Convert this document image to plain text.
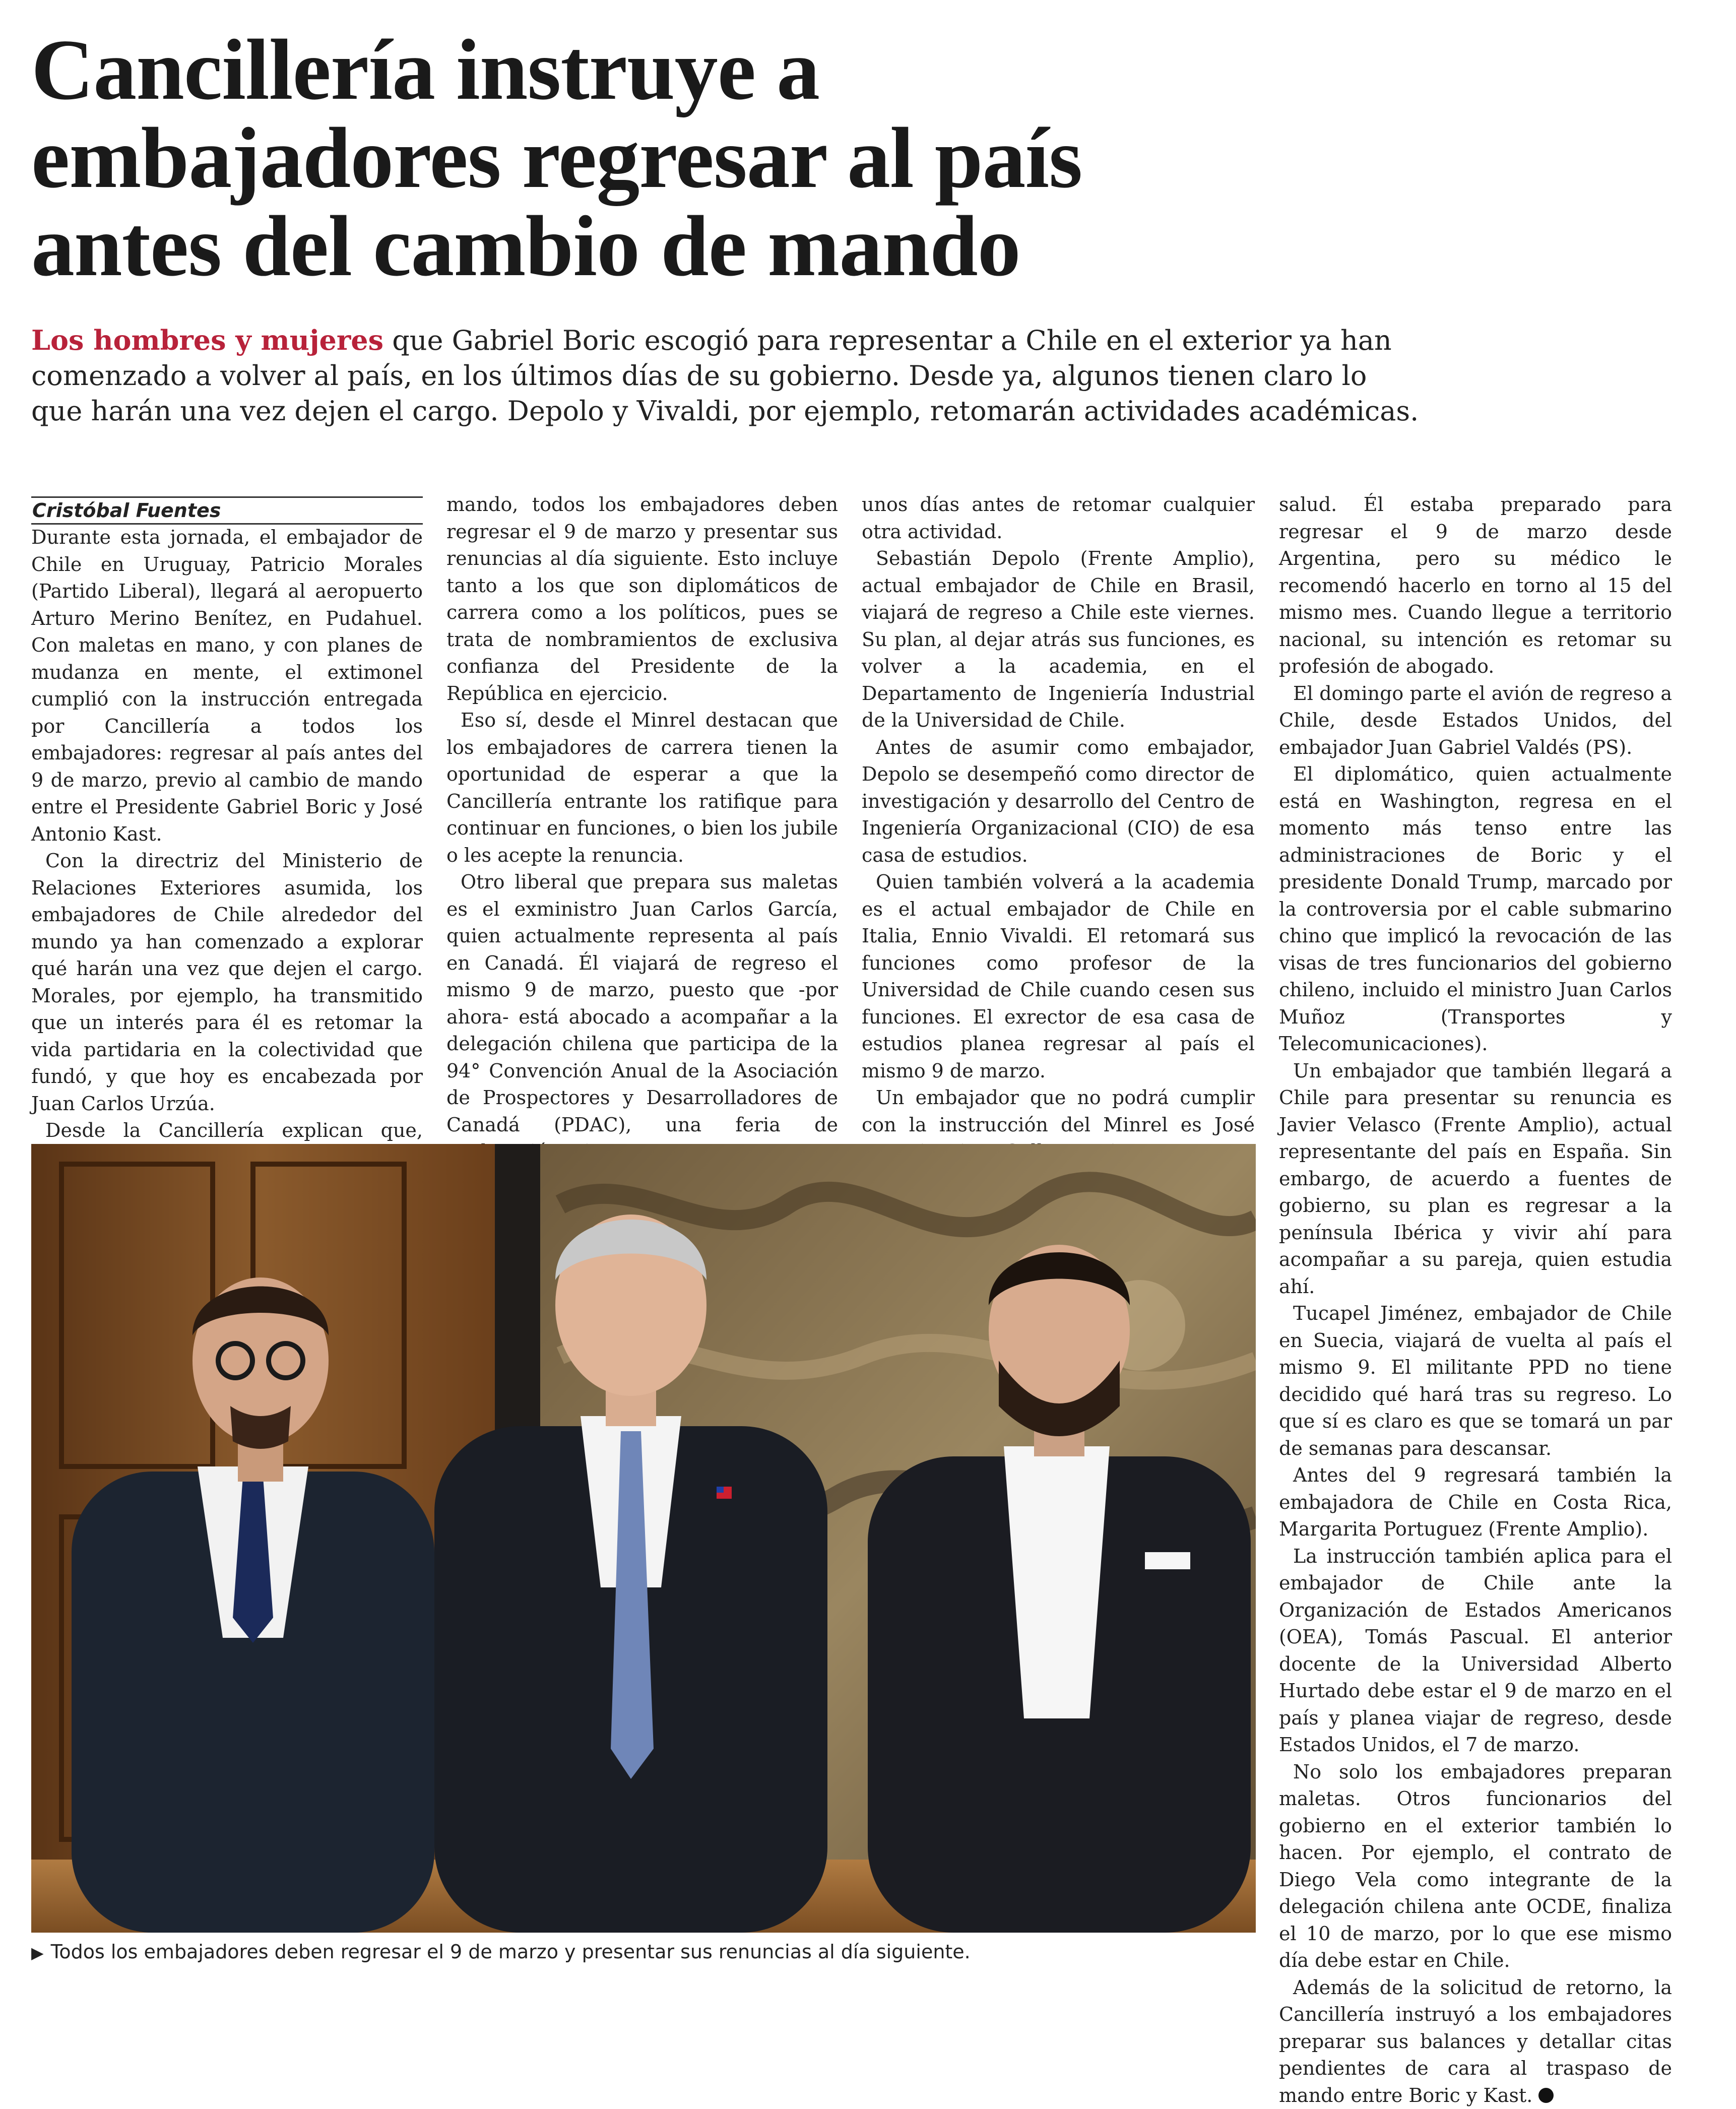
Cancillería instruye a
embajadores regresar al país
antes del cambio de mando
Los hombres y mujeres que Gabriel Boric escogió para representar a Chile en el exterior ya han
comenzado a volver al país, en los últimos días de su gobierno. Desde ya, algunos tienen claro lo
que harán una vez dejen el cargo. Depolo y Vivaldi, por ejemplo, retomarán actividades académicas.
Cristóbal Fuentes

Durante esta jornada, el embajador de Chile en Uruguay, Patricio Morales (Partido Liberal), llegará al aeropuerto Arturo Merino Benítez, en Pudahuel. Con maletas en mano, y con planes de mudanza en mente, el extimonel cumplió con la instrucción entregada por Cancillería a todos los embajadores: regresar al país antes del 9 de marzo, previo al cambio de mando entre el Presidente Gabriel Boric y José Antonio Kast.

Con la directriz del Ministerio de Relaciones Exteriores asumida, los embajadores de Chile alrededor del mundo ya han comenzado a explorar qué harán una vez que dejen el cargo. Morales, por ejemplo, ha transmitido que un interés para él es retomar la vida partidaria en la colectividad que fundó, y que hoy es encabezada por Juan Carlos Urzúa.

Desde la Cancillería explican que,

mando, todos los embajadores deben regresar el 9 de marzo y presentar sus renuncias al día siguiente. Esto incluye tanto a los que son diplomáticos de carrera como a los políticos, pues se trata de nombramientos de exclusiva confianza del Presidente de la República en ejercicio.

Eso sí, desde el Minrel destacan que los embajadores de carrera tienen la oportunidad de esperar a que la Cancillería entrante los ratifique para continuar en funciones, o bien los jubile o les acepte la renuncia.

Otro liberal que prepara sus maletas es el exministro Juan Carlos García, quien actualmente representa al país en Canadá. Él viajará de regreso el mismo 9 de marzo, puesto que -por ahora- está abocado a acompañar a la delegación chilena que participa de la 94° Convención Anual de la Asociación de Prospectores y Desarrolladores de Canadá (PDAC), una feria de

unos días antes de retomar cualquier otra actividad.

Sebastián Depolo (Frente Amplio), actual embajador de Chile en Brasil, viajará de regreso a Chile este viernes. Su plan, al dejar atrás sus funciones, es volver a la academia, en el Departamento de Ingeniería Industrial de la Universidad de Chile.

Antes de asumir como embajador, Depolo se desempeñó como director de investigación y desarrollo del Centro de Ingeniería Organizacional (CIO) de esa casa de estudios.

Quien también volverá a la academia es el actual embajador de Chile en Italia, Ennio Vivaldi. El retomará sus funciones como profesor de la Universidad de Chile cuando cesen sus funciones. El exrector de esa casa de estudios planea regresar al país el mismo 9 de marzo.

Un embajador que no podrá cumplir con la instrucción del Minrel es José

salud. Él estaba preparado para regresar el 9 de marzo desde Argentina, pero su médico le recomendó hacerlo en torno al 15 del mismo mes. Cuando llegue a territorio nacional, su intención es retomar su profesión de abogado.

El domingo parte el avión de regreso a Chile, desde Estados Unidos, del embajador Juan Gabriel Valdés (PS).

El diplomático, quien actualmente está en Washington, regresa en el momento más tenso entre las administraciones de Boric y el presidente Donald Trump, marcado por la controversia por el cable submarino chino que implicó la revocación de las visas de tres funcionarios del gobierno chileno, incluido el ministro Juan Carlos Muñoz (Transportes y Telecomunicaciones).

Un embajador que también llegará a Chile para presentar su renuncia es Javier Velasco (Frente Amplio), actual representante del país en España. Sin embargo, de acuerdo a fuentes de gobierno, su plan es regresar a la península Ibérica y vivir ahí para acompañar a su pareja, quien estudia ahí.

Tucapel Jiménez, embajador de Chile en Suecia, viajará de vuelta al país el mismo 9. El militante PPD no tiene decidido qué hará tras su regreso. Lo que sí es claro es que se tomará un par de semanas para descansar.

Antes del 9 regresará también la embajadora de Chile en Costa Rica, Margarita Portuguez (Frente Amplio).

La instrucción también aplica para el embajador de Chile ante la Organización de Estados Americanos (OEA), Tomás Pascual. El anterior docente de la Universidad Alberto Hurtado debe estar el 9 de marzo en el país y planea viajar de regreso, desde Estados Unidos, el 7 de marzo.

No solo los embajadores preparan maletas. Otros funcionarios del gobierno en el exterior también lo hacen. Por ejemplo, el contrato de Diego Vela como integrante de la delegación chilena ante OCDE, finaliza el 10 de marzo, por lo que ese mismo día debe estar en Chile.

Además de la solicitud de retorno, la Cancillería instruyó a los embajadores preparar sus balances y detallar citas pendientes de cara al traspaso de mando entre Boric y Kast.

▶ Todos los embajadores deben regresar el 9 de marzo y presentar sus renuncias al día siguiente.
